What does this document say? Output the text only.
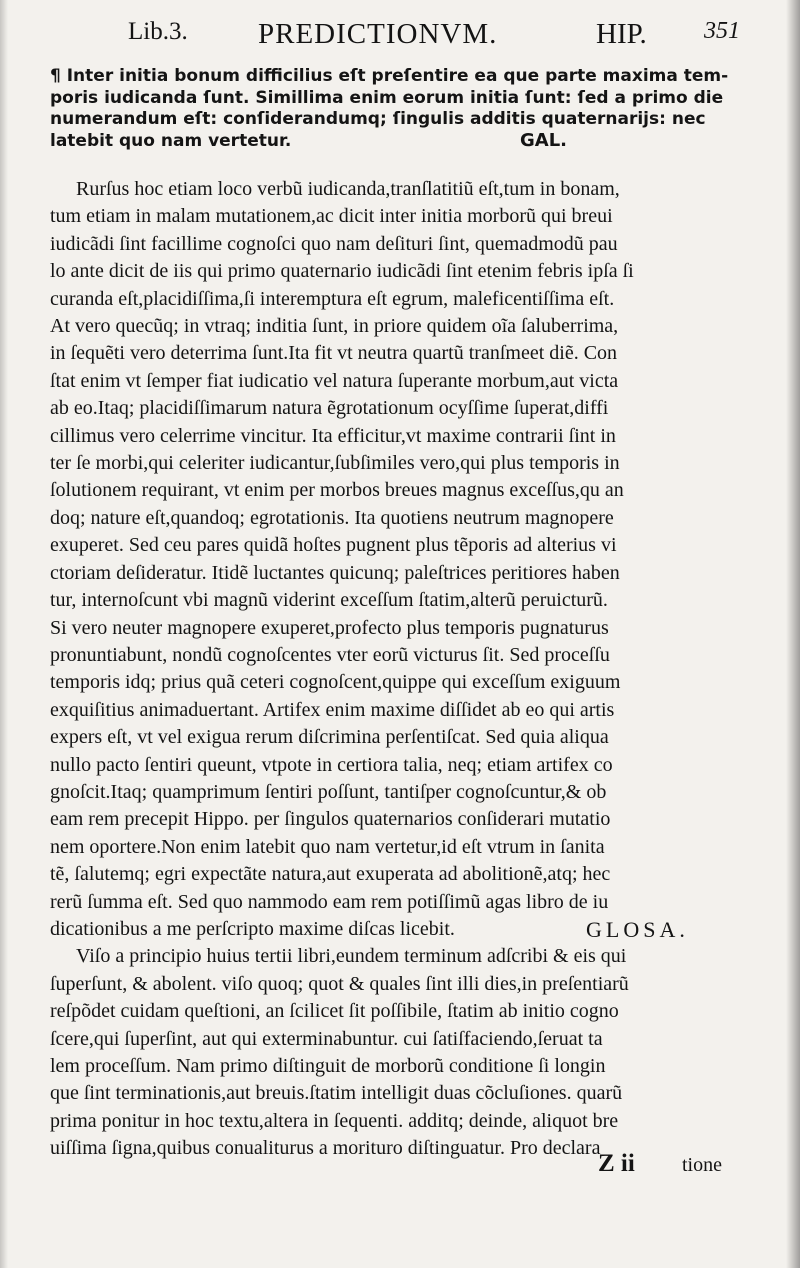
Lib.3. PREDICTIONVM.	HIP. 351
¶ Inter initia bonum difficilius eſt preſentire ea que parte maxima tem-
poris iudicanda ſunt. Simillima enim eorum initia ſunt: ſed a primo die
numerandum eſt: conſiderandumq; ſingulis additis quaternarijs: nec
latebit quo nam vertetur.	GAL.
Rurſus hoc etiam loco verbũ iudicanda,tranſlatitiũ eſt,tum in bonam,
tum etiam in malam mutationem,ac dicit inter initia morborũ qui breui
iudicãdi ſint facillime cognoſci quo nam deſituri ſint, quemadmodũ pau
lo ante dicit de iis qui primo quaternario iudicãdi ſint etenim febris ipſa ſi
curanda eſt,placidiſſima,ſi interemptura eſt egrum, maleficentiſſima eſt.
At vero quecũq; in vtraq; inditia ſunt, in priore quidem oĩa ſaluberrima,
in ſequẽti vero deterrima ſunt.Ita fit vt neutra quartũ tranſmeet diẽ. Con
ſtat enim vt ſemper fiat iudicatio vel natura ſuperante morbum,aut victa
ab eo.Itaq; placidiſſimarum natura ẽgrotationum ocyſſime ſuperat,diffi
cillimus vero celerrime vincitur. Ita efficitur,vt maxime contrarii ſint in
ter ſe morbi,qui celeriter iudicantur,ſubſimiles vero,qui plus temporis in
ſolutionem requirant, vt enim per morbos breues magnus exceſſus,qu an
doq; nature eſt,quandoq; egrotationis. Ita quotiens neutrum magnopere
exuperet. Sed ceu pares quidã hoſtes pugnent plus tẽporis ad alterius vi
ctoriam deſideratur. Itidẽ luctantes quicunq; paleſtrices peritiores haben
tur, internoſcunt vbi magnũ viderint exceſſum ſtatim,alterũ peruicturũ.
Si vero neuter magnopere exuperet,profecto plus temporis pugnaturus
pronuntiabunt, nondũ cognoſcentes vter eorũ victurus ſit. Sed proceſſu
temporis idq; prius quã ceteri cognoſcent,quippe qui exceſſum exiguum
exquiſitius animaduertant. Artifex enim maxime diſſidet ab eo qui artis
expers eſt, vt vel exigua rerum diſcrimina perſentiſcat. Sed quia aliqua
nullo pacto ſentiri queunt, vtpote in certiora talia, neq; etiam artifex co
gnoſcit.Itaq; quamprimum ſentiri poſſunt, tantiſper cognoſcuntur,& ob
eam rem precepit Hippo. per ſingulos quaternarios conſiderari mutatio
nem oportere.Non enim latebit quo nam vertetur,id eſt vtrum in ſanita
tẽ, ſalutemq; egri expectãte natura,aut exuperata ad abolitionẽ,atq; hec
rerũ ſumma eſt. Sed quo nammodo eam rem potiſſimũ agas libro de iu
dicationibus a me perſcripto maxime diſcas licebit.	GLOSA.
Viſo a principio huius tertii libri,eundem terminum adſcribi & eis qui
ſuperſunt, & abolent. viſo quoq; quot & quales ſint illi dies,in preſentiarũ
reſpõdet cuidam queſtioni, an ſcilicet ſit poſſibile, ſtatim ab initio cogno
ſcere,qui ſuperſint, aut qui exterminabuntur. cui ſatiſfaciendo,ſeruat ta
lem proceſſum. Nam primo diſtinguit de morborũ conditione ſi longin
que ſint terminationis,aut breuis.ſtatim intelligit duas cõcluſiones. quarũ
prima ponitur in hoc textu,altera in ſequenti. additq; deinde, aliquot bre
uiſſima ſigna,quibus conualiturus a moriturо diſtinguatur. Pro declara
Z ii tione
